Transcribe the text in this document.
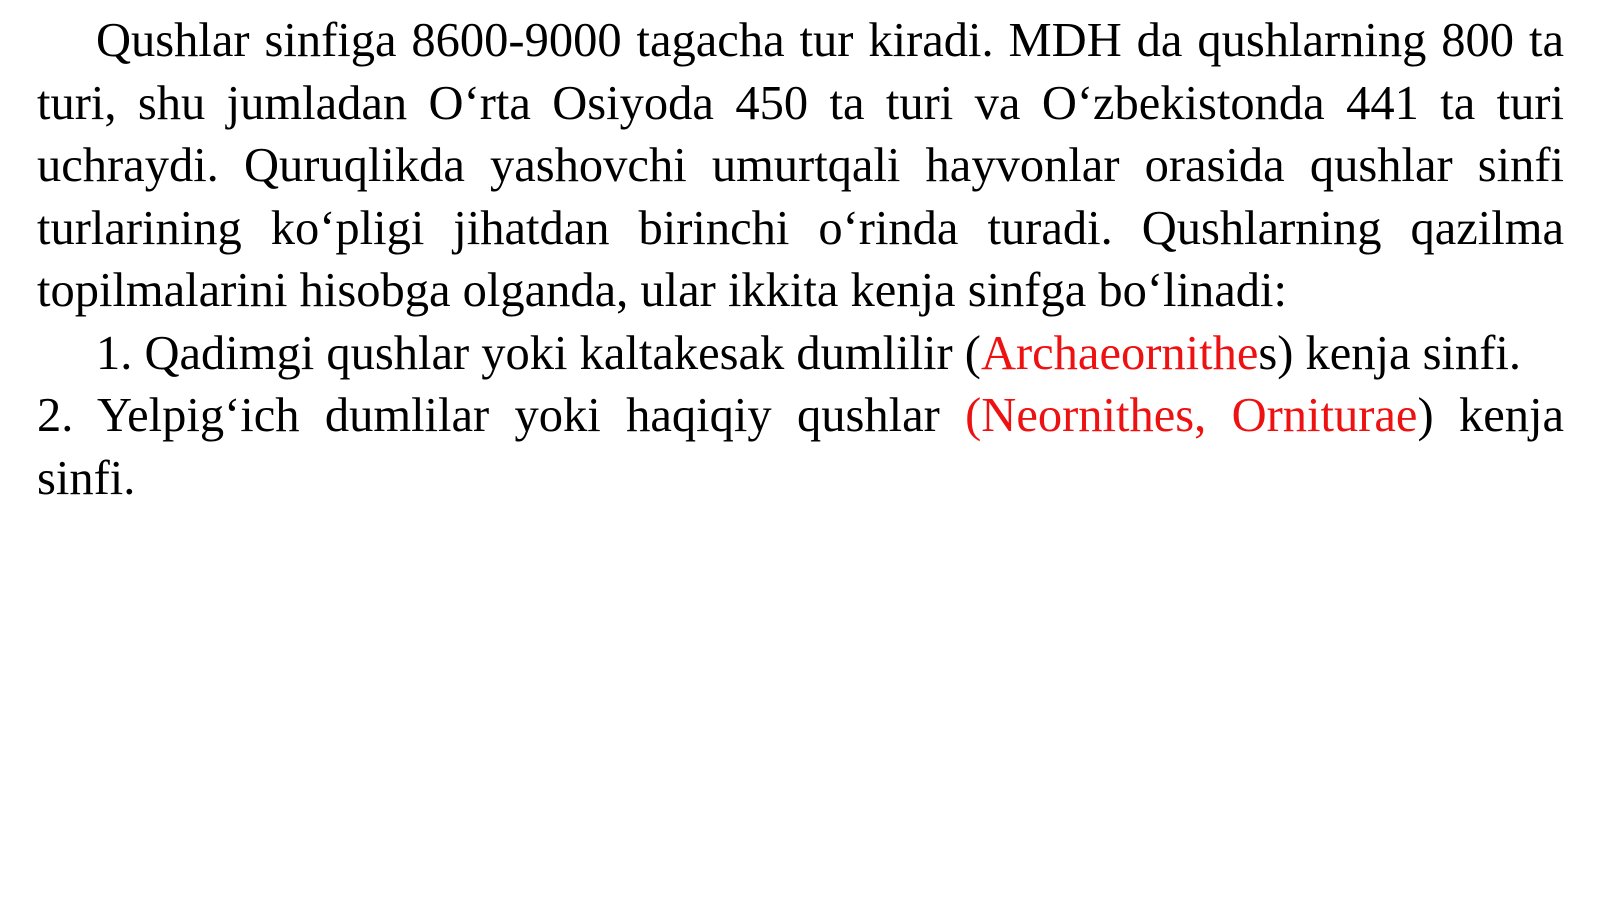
Qushlar sinfiga 8600-9000 tagacha tur kiradi. MDH da qushlarning 800 ta turi, shu jumladan O‘rta Osiyoda 450 ta turi va O‘zbekistonda 441 ta turi uchraydi. Quruqlikda yashovchi umurtqali hayvonlar orasida qushlar sinfi turlarining ko‘pligi jihatdan birinchi o‘rinda turadi. Qushlarning qazilma topilmalarini hisobga olganda, ular ikkita kenja sinfga bo‘linadi:

1. Qadimgi qushlar yoki kaltakesak dumlilir (Archaeornithes) kenja sinfi.

2. Yelpig‘ich dumlilar yoki haqiqiy qushlar (Neornithes, Orniturae) kenja sinfi.
